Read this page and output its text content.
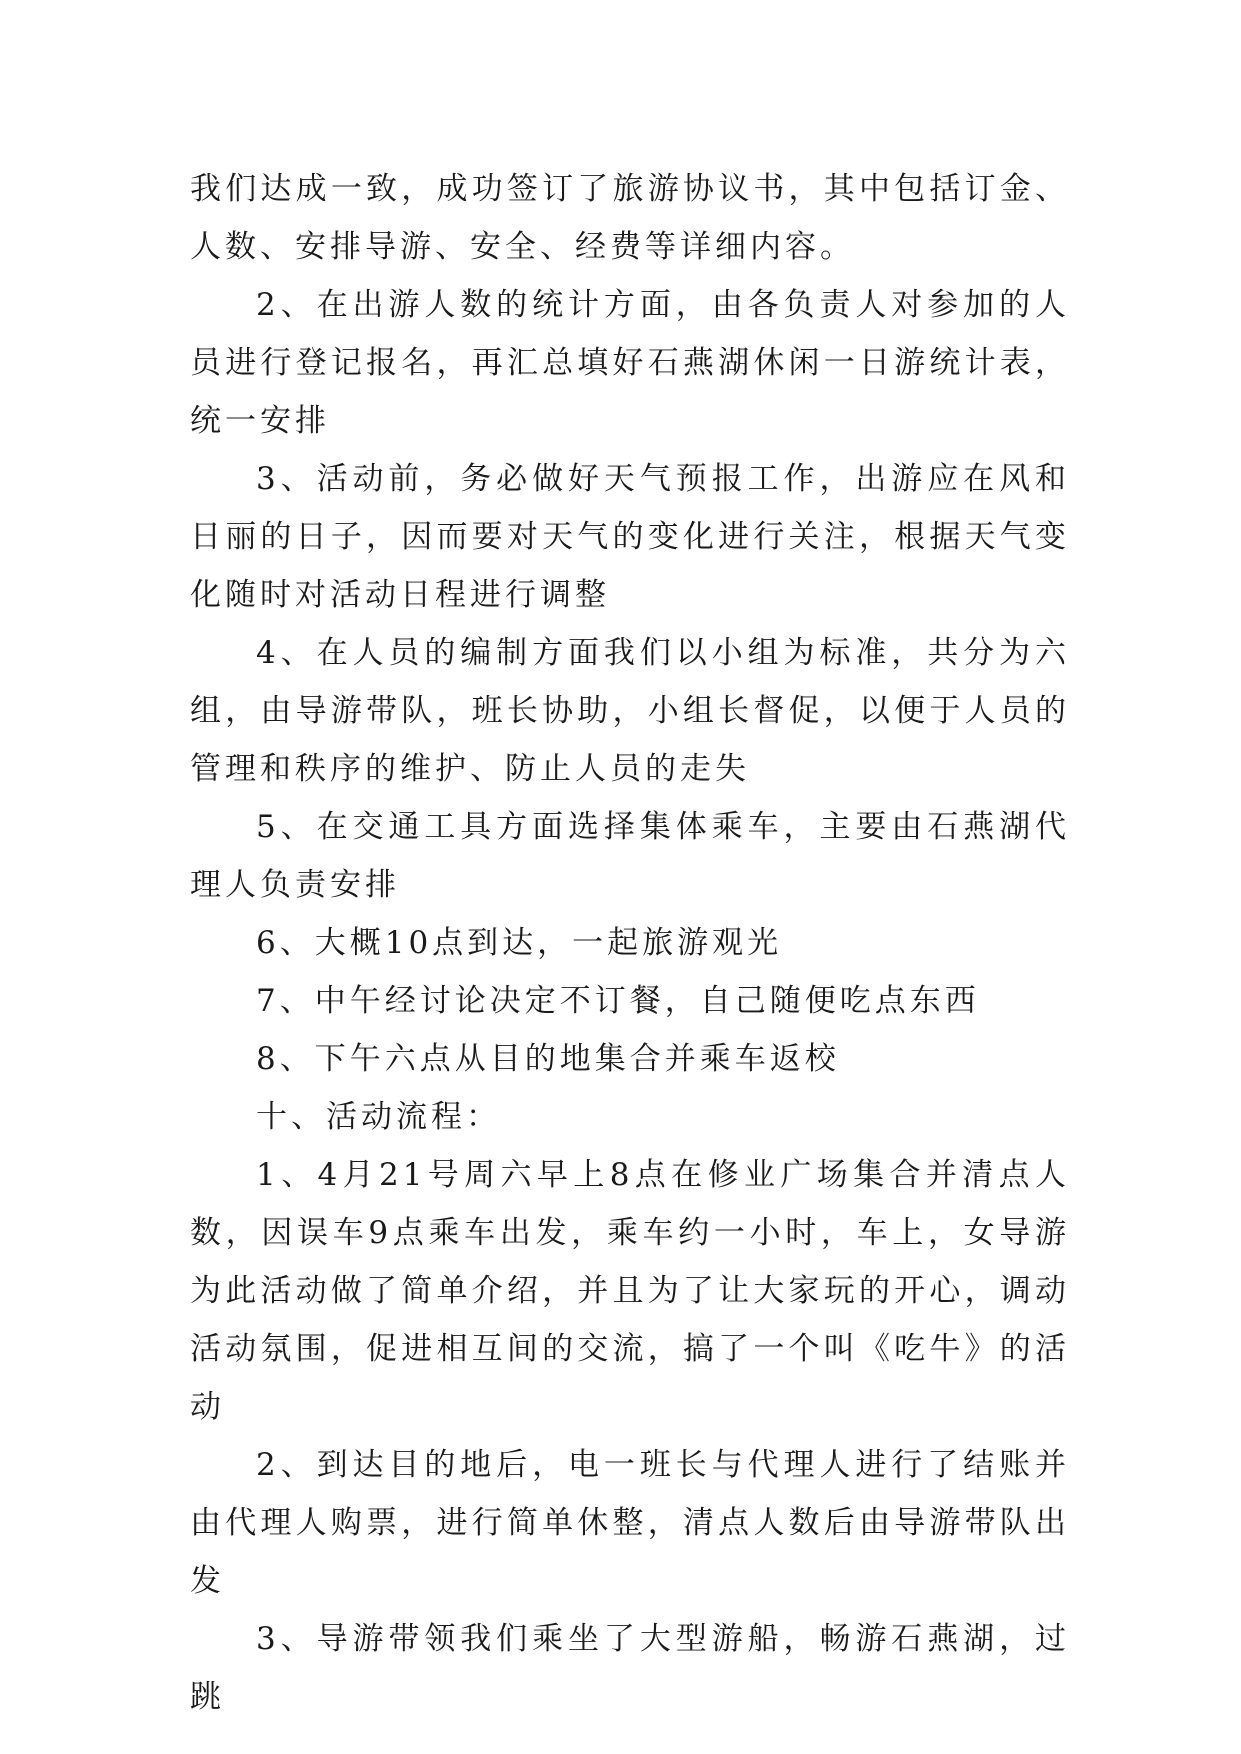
我们达成一致，成功签订了旅游协议书，其中包括订金、人数、安排导游、安全、经费等详细内容。

2、在出游人数的统计方面，由各负责人对参加的人员进行登记报名，再汇总填好石燕湖休闲一日游统计表，统一安排

3、活动前，务必做好天气预报工作，出游应在风和日丽的日子，因而要对天气的变化进行关注，根据天气变化随时对活动日程进行调整

4、在人员的编制方面我们以小组为标准，共分为六组，由导游带队，班长协助，小组长督促，以便于人员的管理和秩序的维护、防止人员的走失

5、在交通工具方面选择集体乘车，主要由石燕湖代理人负责安排

6、大概10点到达，一起旅游观光

7、中午经讨论决定不订餐，自己随便吃点东西

8、下午六点从目的地集合并乘车返校

十、活动流程：

1、4月21号周六早上8点在修业广场集合并清点人数，因误车9点乘车出发，乘车约一小时，车上，女导游为此活动做了简单介绍，并且为了让大家玩的开心，调动活动氛围，促进相互间的交流，搞了一个叫《吃牛》的活动

2、到达目的地后，电一班长与代理人进行了结账并由代理人购票，进行简单休整，清点人数后由导游带队出发

3、导游带领我们乘坐了大型游船，畅游石燕湖，过跳
